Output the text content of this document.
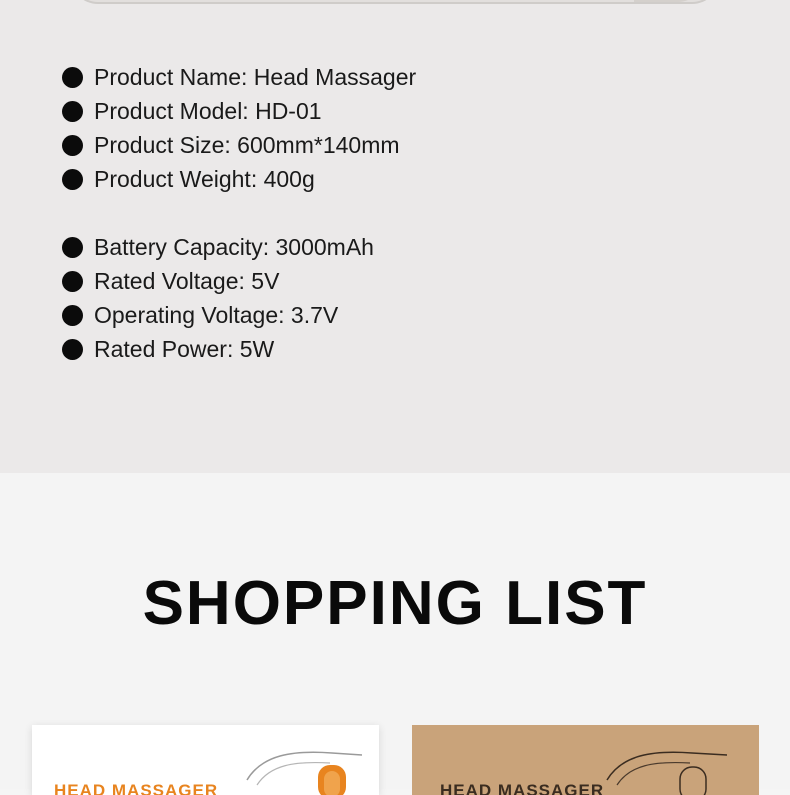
Product Name: Head Massager
Product Model: HD-01
Product Size: 600mm*140mm
Product Weight: 400g
Battery Capacity: 3000mAh
Rated Voltage: 5V
Operating Voltage: 3.7V
Rated Power: 5W
SHOPPING LIST
HEAD MASSAGER	HEAD MASSAGER
